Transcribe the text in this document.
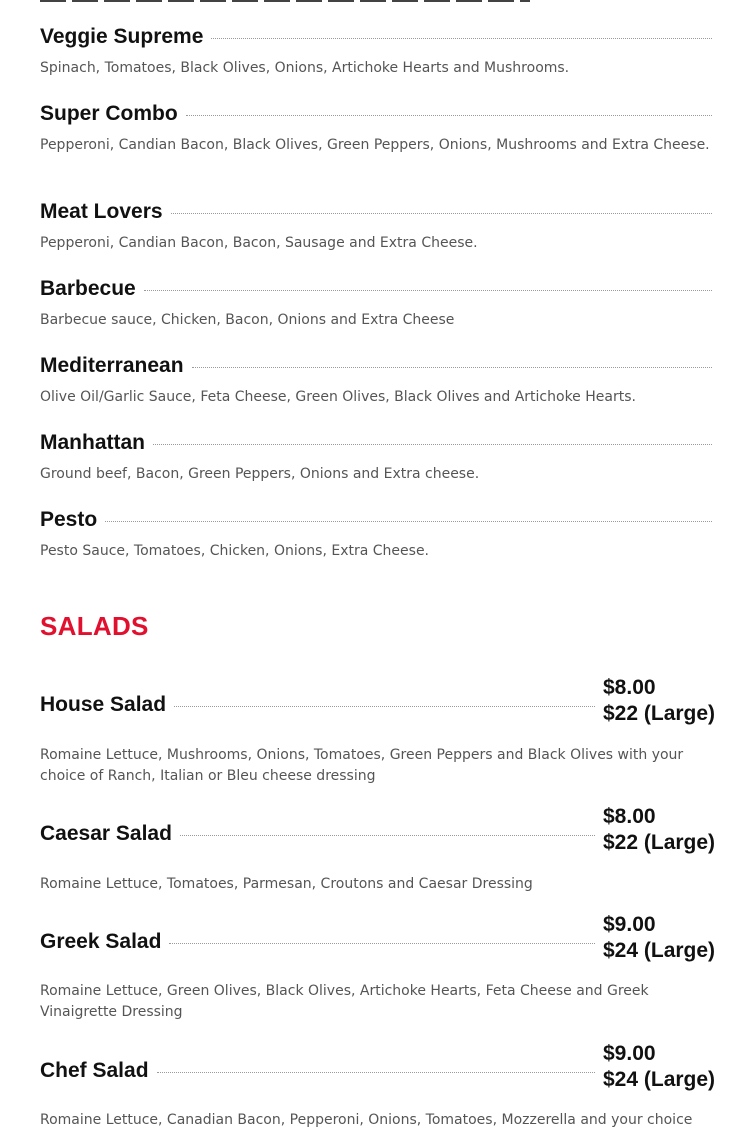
Veggie Supreme
Spinach, Tomatoes, Black Olives, Onions, Artichoke Hearts and Mushrooms.
Super Combo
Pepperoni, Candian Bacon, Black Olives, Green Peppers, Onions, Mushrooms and Extra Cheese.
Meat Lovers
Pepperoni, Candian Bacon, Bacon, Sausage and Extra Cheese.
Barbecue
Barbecue sauce, Chicken, Bacon, Onions and Extra Cheese
Mediterranean
Olive Oil/Garlic Sauce, Feta Cheese, Green Olives, Black Olives and Artichoke Hearts.
Manhattan
Ground beef, Bacon, Green Peppers, Onions and Extra cheese.
Pesto
Pesto Sauce, Tomatoes, Chicken, Onions, Extra Cheese.
SALADS
House Salad
$8.00
$22 (Large)
Romaine Lettuce, Mushrooms, Onions, Tomatoes, Green Peppers and Black Olives with your choice of Ranch, Italian or Bleu cheese dressing
Caesar Salad
$8.00
$22 (Large)
Romaine Lettuce, Tomatoes, Parmesan, Croutons and Caesar Dressing
Greek Salad
$9.00
$24 (Large)
Romaine Lettuce, Green Olives, Black Olives, Artichoke Hearts, Feta Cheese and Greek Vinaigrette Dressing
Chef Salad
$9.00
$24 (Large)
Romaine Lettuce, Canadian Bacon, Pepperoni, Onions, Tomatoes, Mozzerella and your choice
